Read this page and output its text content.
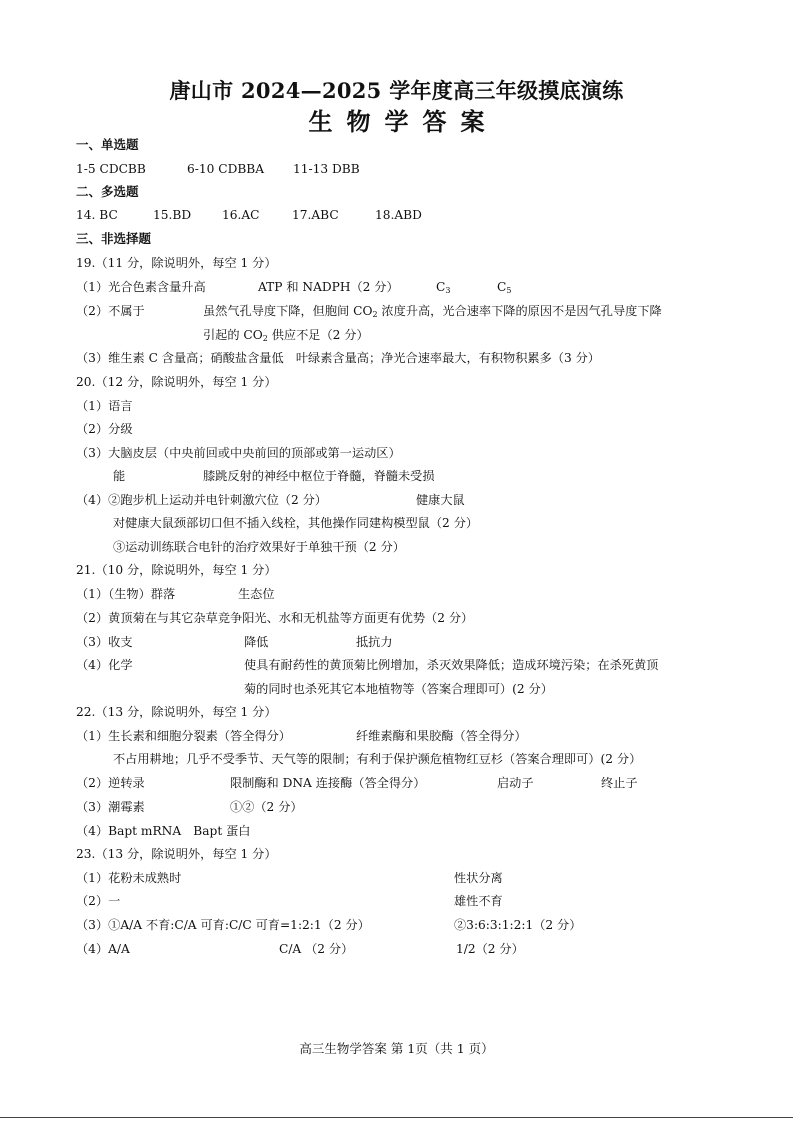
唐山市 2024—2025 学年度高三年级摸底演练
生物学答案
一、单选题
1-5 CDCBB	6-10 CDBBA 11-13 DBB
二、多选题
14. BC	15.BD	16.AC	17.ABC	18.ABD
三、非选择题
19.（11 分，除说明外，每空 1 分）
（1）光合色素含量升高	ATP 和 NADPH（2 分）	$C_3$	$C_5$
（2）不属于	虽然气孔导度下降，但胞间 $CO_2$ 浓度升高，光合速率下降的原因不是因气孔导度下降
引起的 $CO_2$ 供应不足（2 分）
（3）维生素 C 含量高；硝酸盐含量低　叶绿素含量高；净光合速率最大，有积物积累多（3 分）
20.（12 分，除说明外，每空 1 分）
（1）语言
（2）分级
（3）大脑皮层（中央前回或中央前回的顶部或第一运动区）
能	膝跳反射的神经中枢位于脊髓，脊髓未受损
（4）②跑步机上运动并电针刺激穴位（2 分）	健康大鼠
对健康大鼠颈部切口但不插入线栓，其他操作同建构模型鼠（2 分）
③运动训练联合电针的治疗效果好于单独干预（2 分）
21.（10 分，除说明外，每空 1 分）
（1）（生物）群落	生态位
（2）黄顶菊在与其它杂草竞争阳光、水和无机盐等方面更有优势（2 分）
（3）收支	降低	抵抗力
（4）化学	使具有耐药性的黄顶菊比例增加，杀灭效果降低；造成环境污染；在杀死黄顶
菊的同时也杀死其它本地植物等（答案合理即可）(2 分）
22.（13 分，除说明外，每空 1 分）
（1）生长素和细胞分裂素（答全得分）	纤维素酶和果胶酶（答全得分）
不占用耕地；几乎不受季节、天气等的限制；有利于保护濒危植物红豆杉（答案合理即可）(2 分）
（2）逆转录	限制酶和 DNA 连接酶（答全得分）	启动子	终止子
（3）潮霉素	①②（2 分）
（4）Bapt mRNA　Bapt 蛋白
23.（13 分，除说明外，每空 1 分）
（1）花粉未成熟时	性状分离
（2）一	雄性不育
（3）①A/A 不育:C/A 可育:C/C 可育=1:2:1（2 分）	②3:6:3:1:2:1（2 分）
（4）A/A	C/A （2 分）	1/2（2 分）
高三生物学答案 第 1页（共 1 页）
